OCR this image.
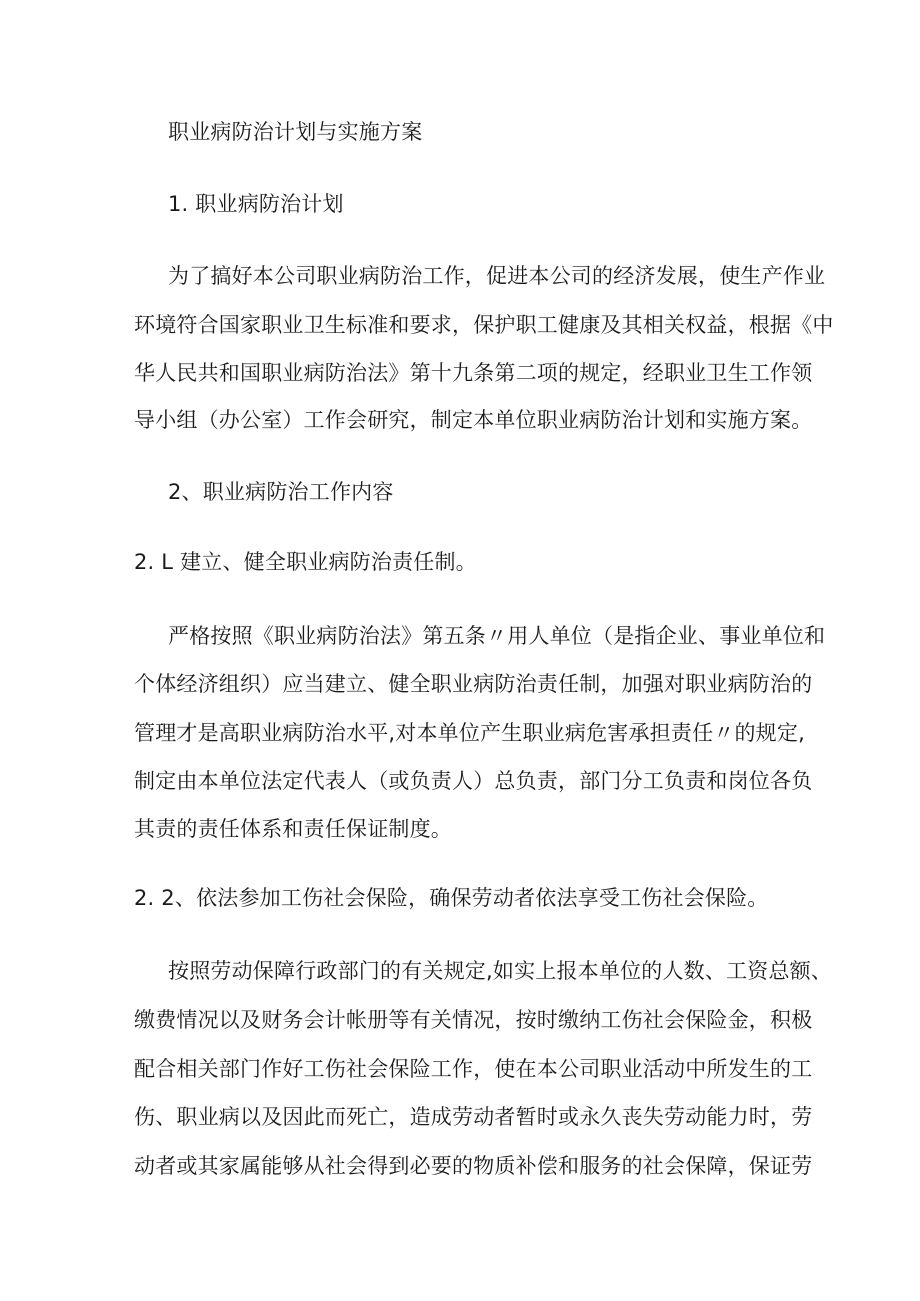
职业病防治计划与实施方案
1. 职业病防治计划
为了搞好本公司职业病防治工作，促进本公司的经济发展，使生产作业
环境符合国家职业卫生标准和要求，保护职工健康及其相关权益，根据《中
华人民共和国职业病防治法》第十九条第二项的规定，经职业卫生工作领
导小组（办公室）工作会研究，制定本单位职业病防治计划和实施方案。
2、职业病防治工作内容
2. L 建立、健全职业病防治责任制。
严格按照《职业病防治法》第五条〃用人单位（是指企业、事业单位和
个体经济组织）应当建立、健全职业病防治责任制，加强对职业病防治的
管理才是高职业病防治水平,对本单位产生职业病危害承担责任〃的规定,
制定由本单位法定代表人（或负责人）总负责，部门分工负责和岗位各负
其责的责任体系和责任保证制度。
2. 2、依法参加工伤社会保险，确保劳动者依法享受工伤社会保险。
按照劳动保障行政部门的有关规定,如实上报本单位的人数、工资总额、
缴费情况以及财务会计帐册等有关情况，按时缴纳工伤社会保险金，积极
配合相关部门作好工伤社会保险工作，使在本公司职业活动中所发生的工
伤、职业病以及因此而死亡，造成劳动者暂时或永久丧失劳动能力时，劳
动者或其家属能够从社会得到必要的物质补偿和服务的社会保障，保证劳
